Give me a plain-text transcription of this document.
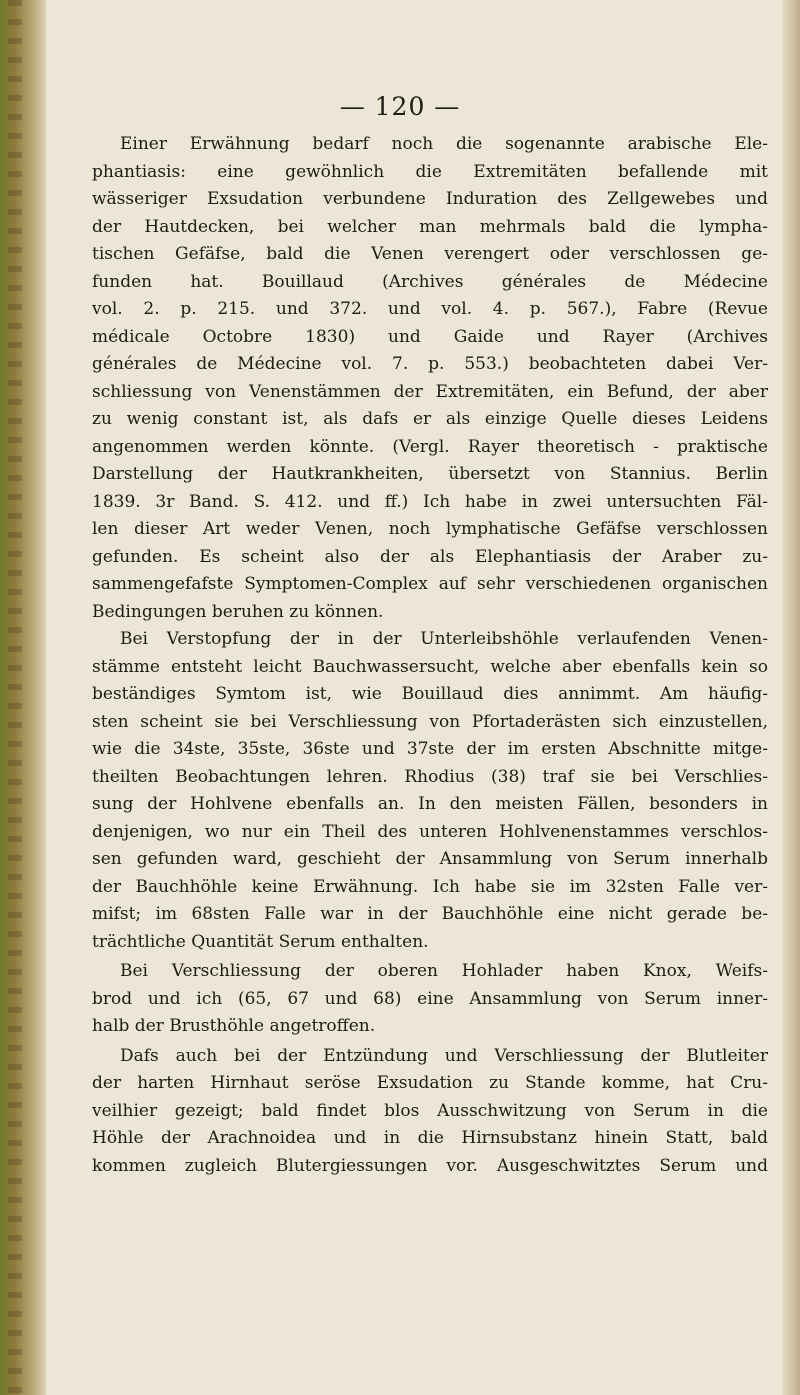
— 120 —
Einer Erwähnung bedarf noch die sogenannte arabische Ele-
phantiasis: eine gewöhnlich die Extremitäten befallende mit
wässeriger Exsudation verbundene Induration des Zellgewebes und
der Hautdecken, bei welcher man mehrmals bald die lympha-
tischen Gefäfse, bald die Venen verengert oder verschlossen ge-
funden hat. Bouillaud (Archives générales de Médecine
vol. 2. p. 215. und 372. und vol. 4. p. 567.), Fabre (Revue
médicale Octobre 1830) und Gaide und Rayer (Archives
générales de Médecine vol. 7. p. 553.) beobachteten dabei Ver-
schliessung von Venenstämmen der Extremitäten, ein Befund, der aber
zu wenig constant ist, als dafs er als einzige Quelle dieses Leidens
angenommen werden könnte. (Vergl. Rayer theoretisch - praktische
Darstellung der Hautkrankheiten, übersetzt von Stannius. Berlin
1839. 3r Band. S. 412. und ff.) Ich habe in zwei untersuchten Fäl-
len dieser Art weder Venen, noch lymphatische Gefäfse verschlossen
gefunden. Es scheint also der als Elephantiasis der Araber zu-
sammengefafste Symptomen-Complex auf sehr verschiedenen organischen
Bedingungen beruhen zu können.
Bei Verstopfung der in der Unterleibshöhle verlaufenden Venen-
stämme entsteht leicht Bauchwassersucht, welche aber ebenfalls kein so
beständiges Symtom ist, wie Bouillaud dies annimmt. Am häufig-
sten scheint sie bei Verschliessung von Pfortaderästen sich einzustellen,
wie die 34ste, 35ste, 36ste und 37ste der im ersten Abschnitte mitge-
theilten Beobachtungen lehren. Rhodius (38) traf sie bei Verschlies-
sung der Hohlvene ebenfalls an. In den meisten Fällen, besonders in
denjenigen, wo nur ein Theil des unteren Hohlvenenstammes verschlos-
sen gefunden ward, geschieht der Ansammlung von Serum innerhalb
der Bauchhöhle keine Erwähnung. Ich habe sie im 32sten Falle ver-
mifst; im 68sten Falle war in der Bauchhöhle eine nicht gerade be-
trächtliche Quantität Serum enthalten.
Bei Verschliessung der oberen Hohlader haben Knox, Weifs-
brod und ich (65, 67 und 68) eine Ansammlung von Serum inner-
halb der Brusthöhle angetroffen.
Dafs auch bei der Entzündung und Verschliessung der Blutleiter
der harten Hirnhaut seröse Exsudation zu Stande komme, hat Cru-
veilhier gezeigt; bald findet blos Ausschwitzung von Serum in die
Höhle der Arachnoidea und in die Hirnsubstanz hinein Statt, bald
kommen zugleich Blutergiessungen vor. Ausgeschwitztes Serum und
